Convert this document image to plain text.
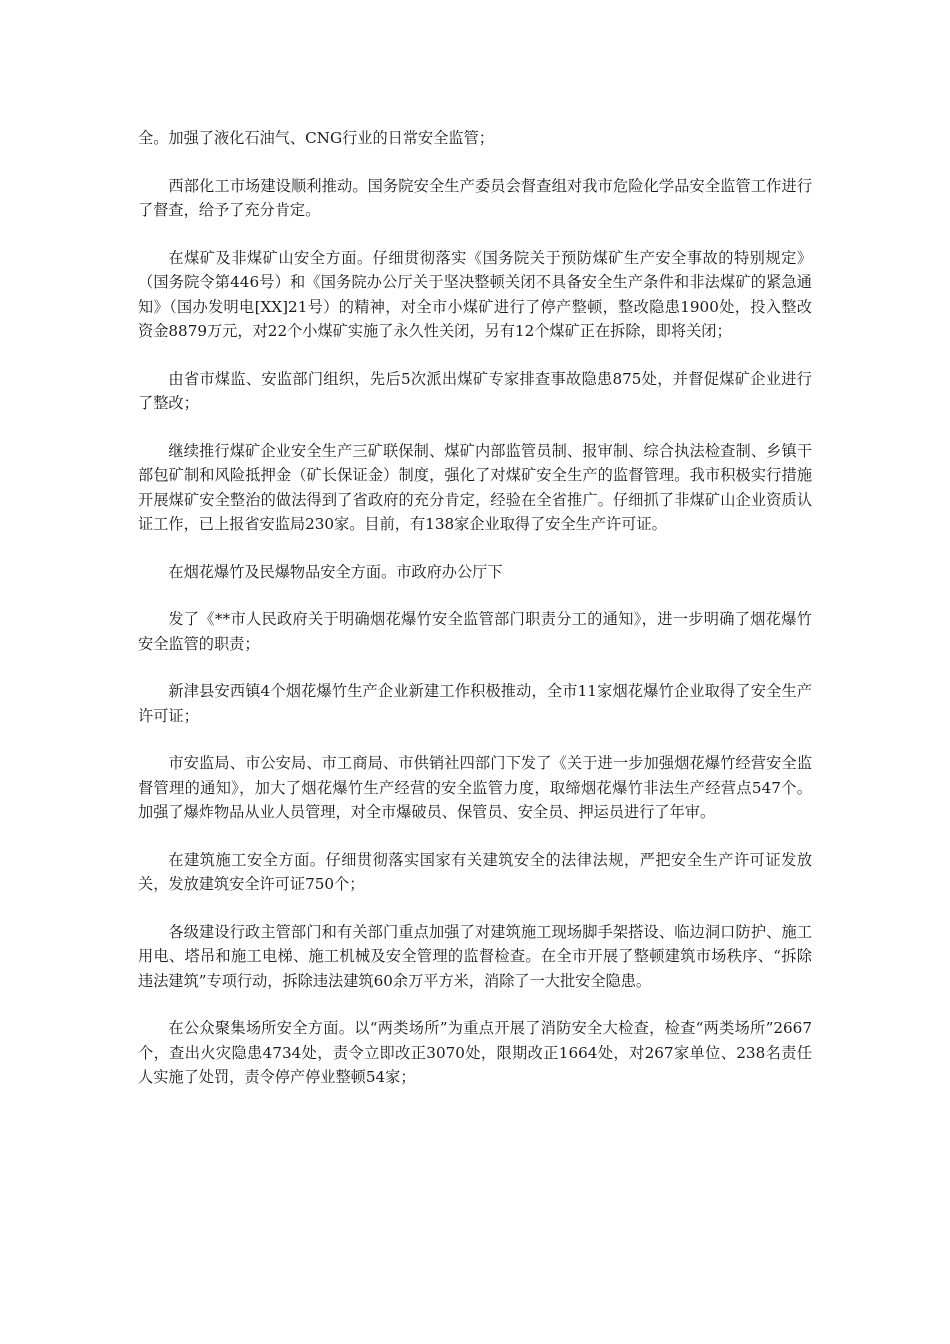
全。加强了液化石油气、CNG行业的日常安全监管；

西部化工市场建设顺利推动。国务院安全生产委员会督查组对我市危险化学品安全监管工作进行了督查，给予了充分肯定。

在煤矿及非煤矿山安全方面。仔细贯彻落实《国务院关于预防煤矿生产安全事故的特别规定》（国务院令第446号）和《国务院办公厅关于坚决整顿关闭不具备安全生产条件和非法煤矿的紧急通知》（国办发明电[XX]21号）的精神，对全市小煤矿进行了停产整顿，整改隐患1900处，投入整改资金8879万元，对22个小煤矿实施了永久性关闭，另有12个煤矿正在拆除，即将关闭；

由省市煤监、安监部门组织，先后5次派出煤矿专家排查事故隐患875处，并督促煤矿企业进行了整改；

继续推行煤矿企业安全生产三矿联保制、煤矿内部监管员制、报审制、综合执法检查制、乡镇干部包矿制和风险抵押金（矿长保证金）制度，强化了对煤矿安全生产的监督管理。我市积极实行措施开展煤矿安全整治的做法得到了省政府的充分肯定，经验在全省推广。仔细抓了非煤矿山企业资质认证工作，已上报省安监局230家。目前，有138家企业取得了安全生产许可证。

在烟花爆竹及民爆物品安全方面。市政府办公厅下

发了《**市人民政府关于明确烟花爆竹安全监管部门职责分工的通知》，进一步明确了烟花爆竹安全监管的职责；

新津县安西镇4个烟花爆竹生产企业新建工作积极推动，全市11家烟花爆竹企业取得了安全生产许可证；

市安监局、市公安局、市工商局、市供销社四部门下发了《关于进一步加强烟花爆竹经营安全监督管理的通知》，加大了烟花爆竹生产经营的安全监管力度，取缔烟花爆竹非法生产经营点547个。加强了爆炸物品从业人员管理，对全市爆破员、保管员、安全员、押运员进行了年审。

在建筑施工安全方面。仔细贯彻落实国家有关建筑安全的法律法规，严把安全生产许可证发放关，发放建筑安全许可证750个；

各级建设行政主管部门和有关部门重点加强了对建筑施工现场脚手架搭设、临边洞口防护、施工用电、塔吊和施工电梯、施工机械及安全管理的监督检查。在全市开展了整顿建筑市场秩序、“拆除违法建筑”专项行动，拆除违法建筑60余万平方米，消除了一大批安全隐患。

在公众聚集场所安全方面。以“两类场所”为重点开展了消防安全大检查，检查“两类场所”2667个，查出火灾隐患4734处，责令立即改正3070处，限期改正1664处，对267家单位、238名责任人实施了处罚，责令停产停业整顿54家；
